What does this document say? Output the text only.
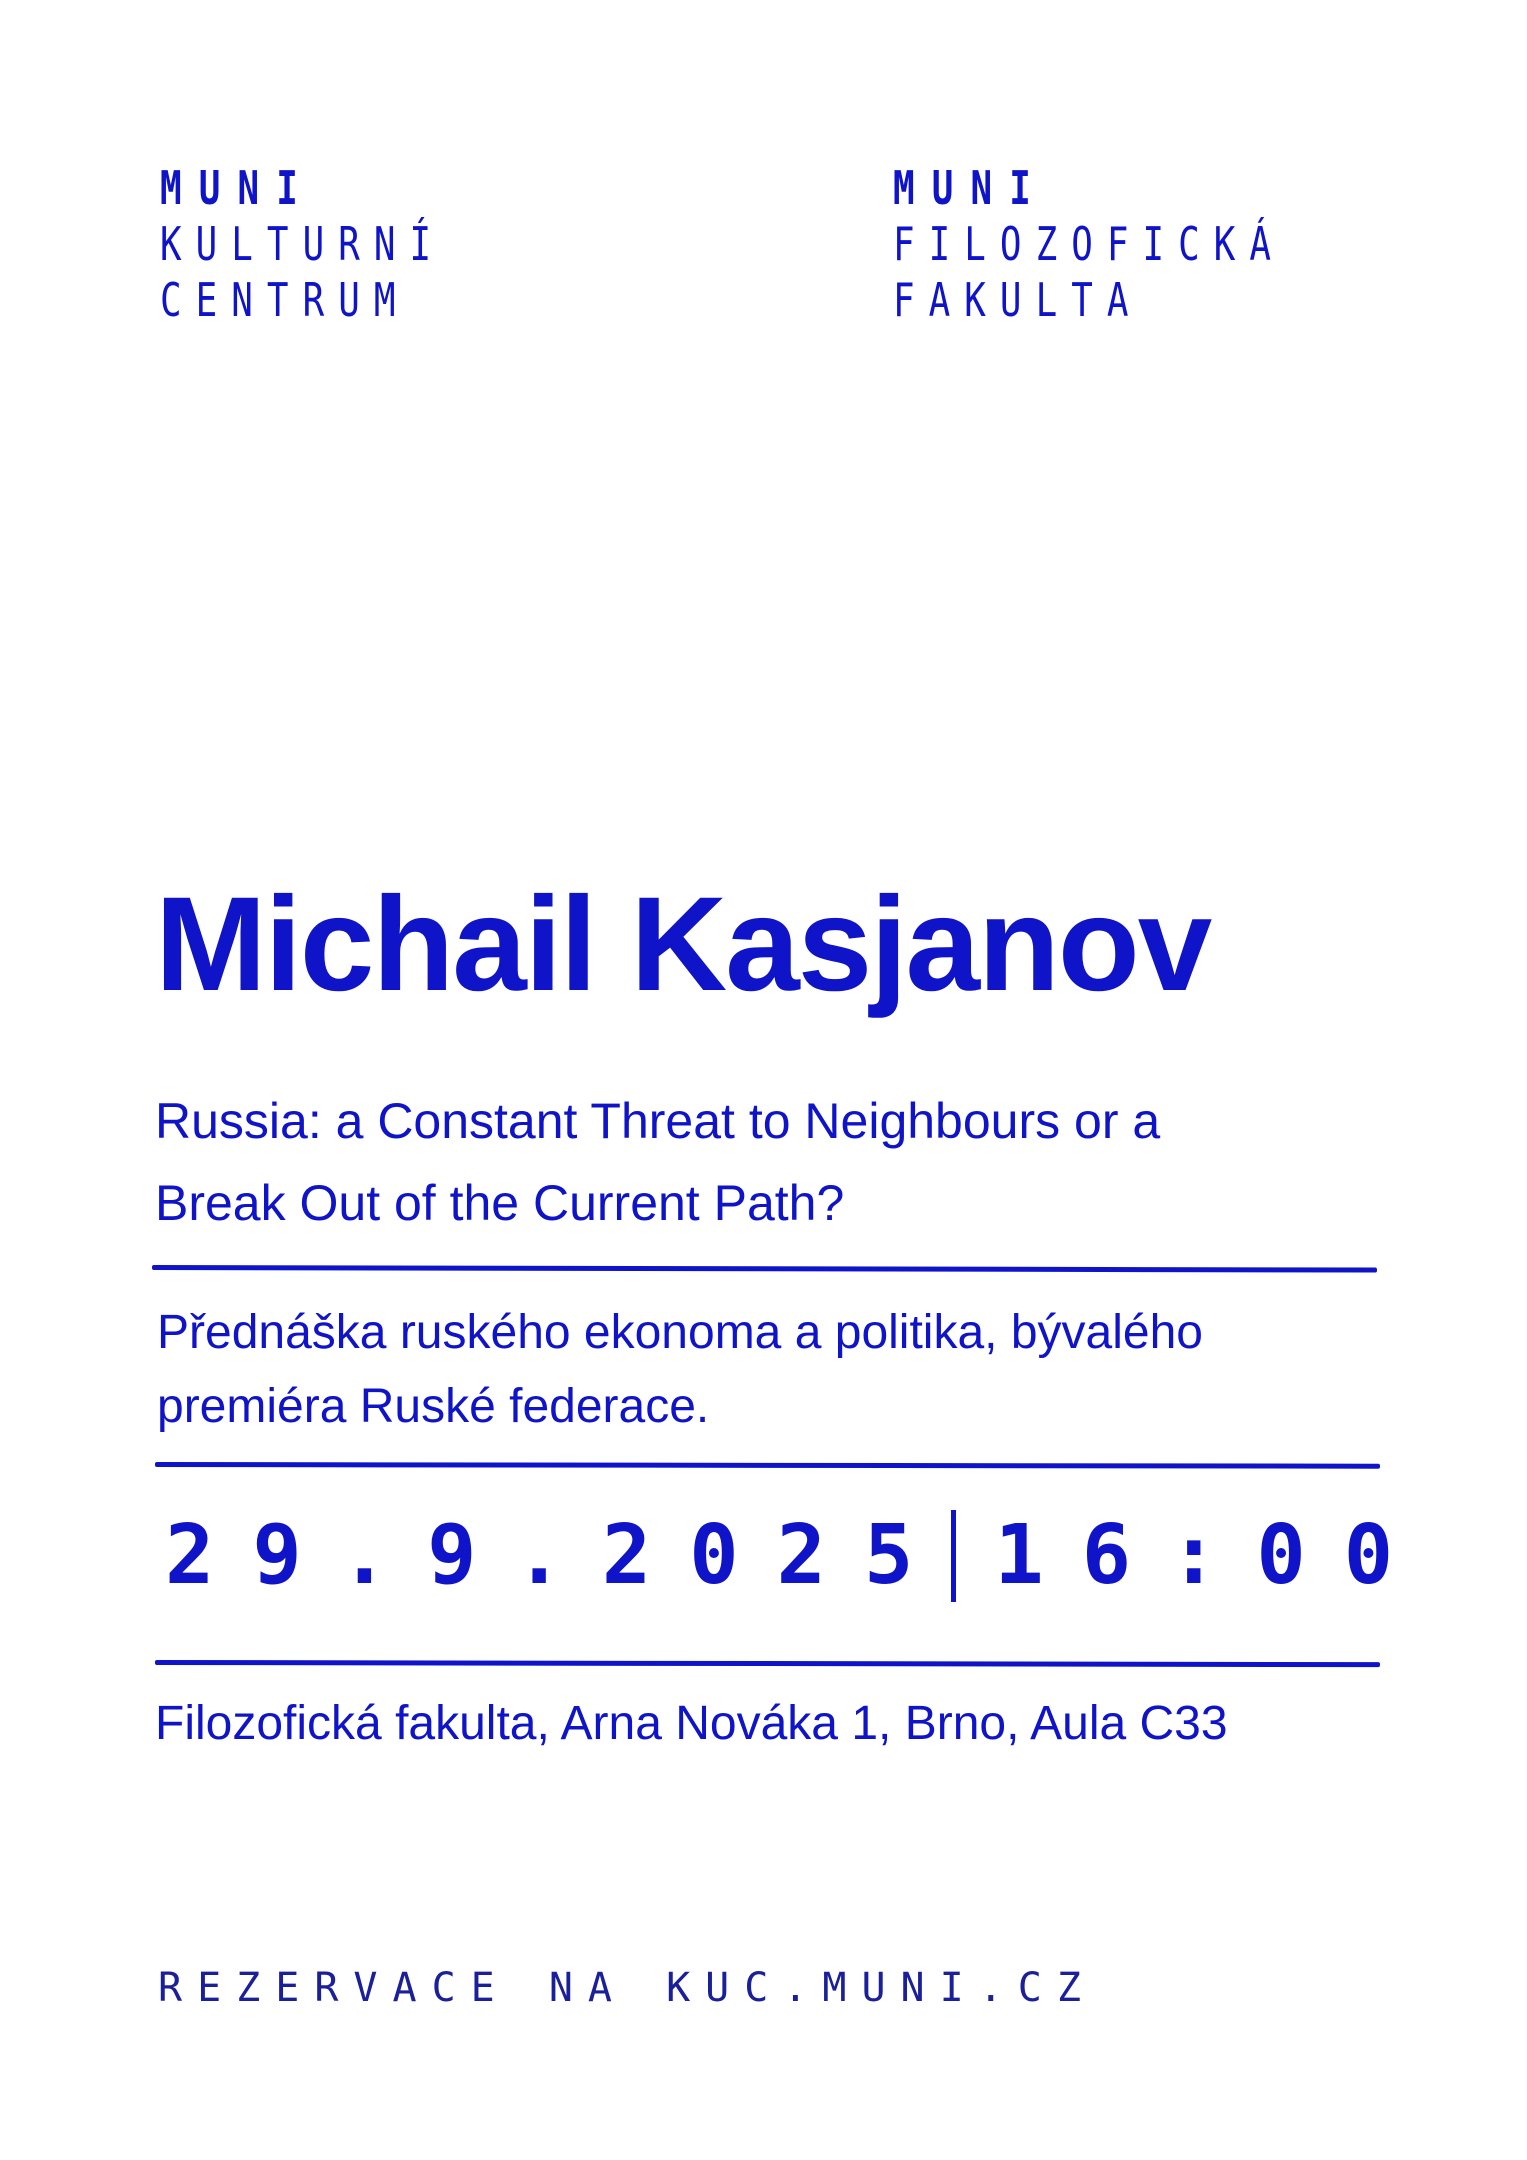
MUNI
KULTURNÍ
CENTRUM
MUNI
FILOZOFICKÁ
FAKULTA
Michail Kasjanov
Russia: a Constant Threat to Neighbours or a
Break Out of the Current Path?
Přednáška ruského ekonoma a politika, bývalého
premiéra Ruské federace.
29.9.2025 16:00
Filozofická fakulta, Arna Nováka 1, Brno, Aula C33
REZERVACE NA KUC.MUNI.CZ
